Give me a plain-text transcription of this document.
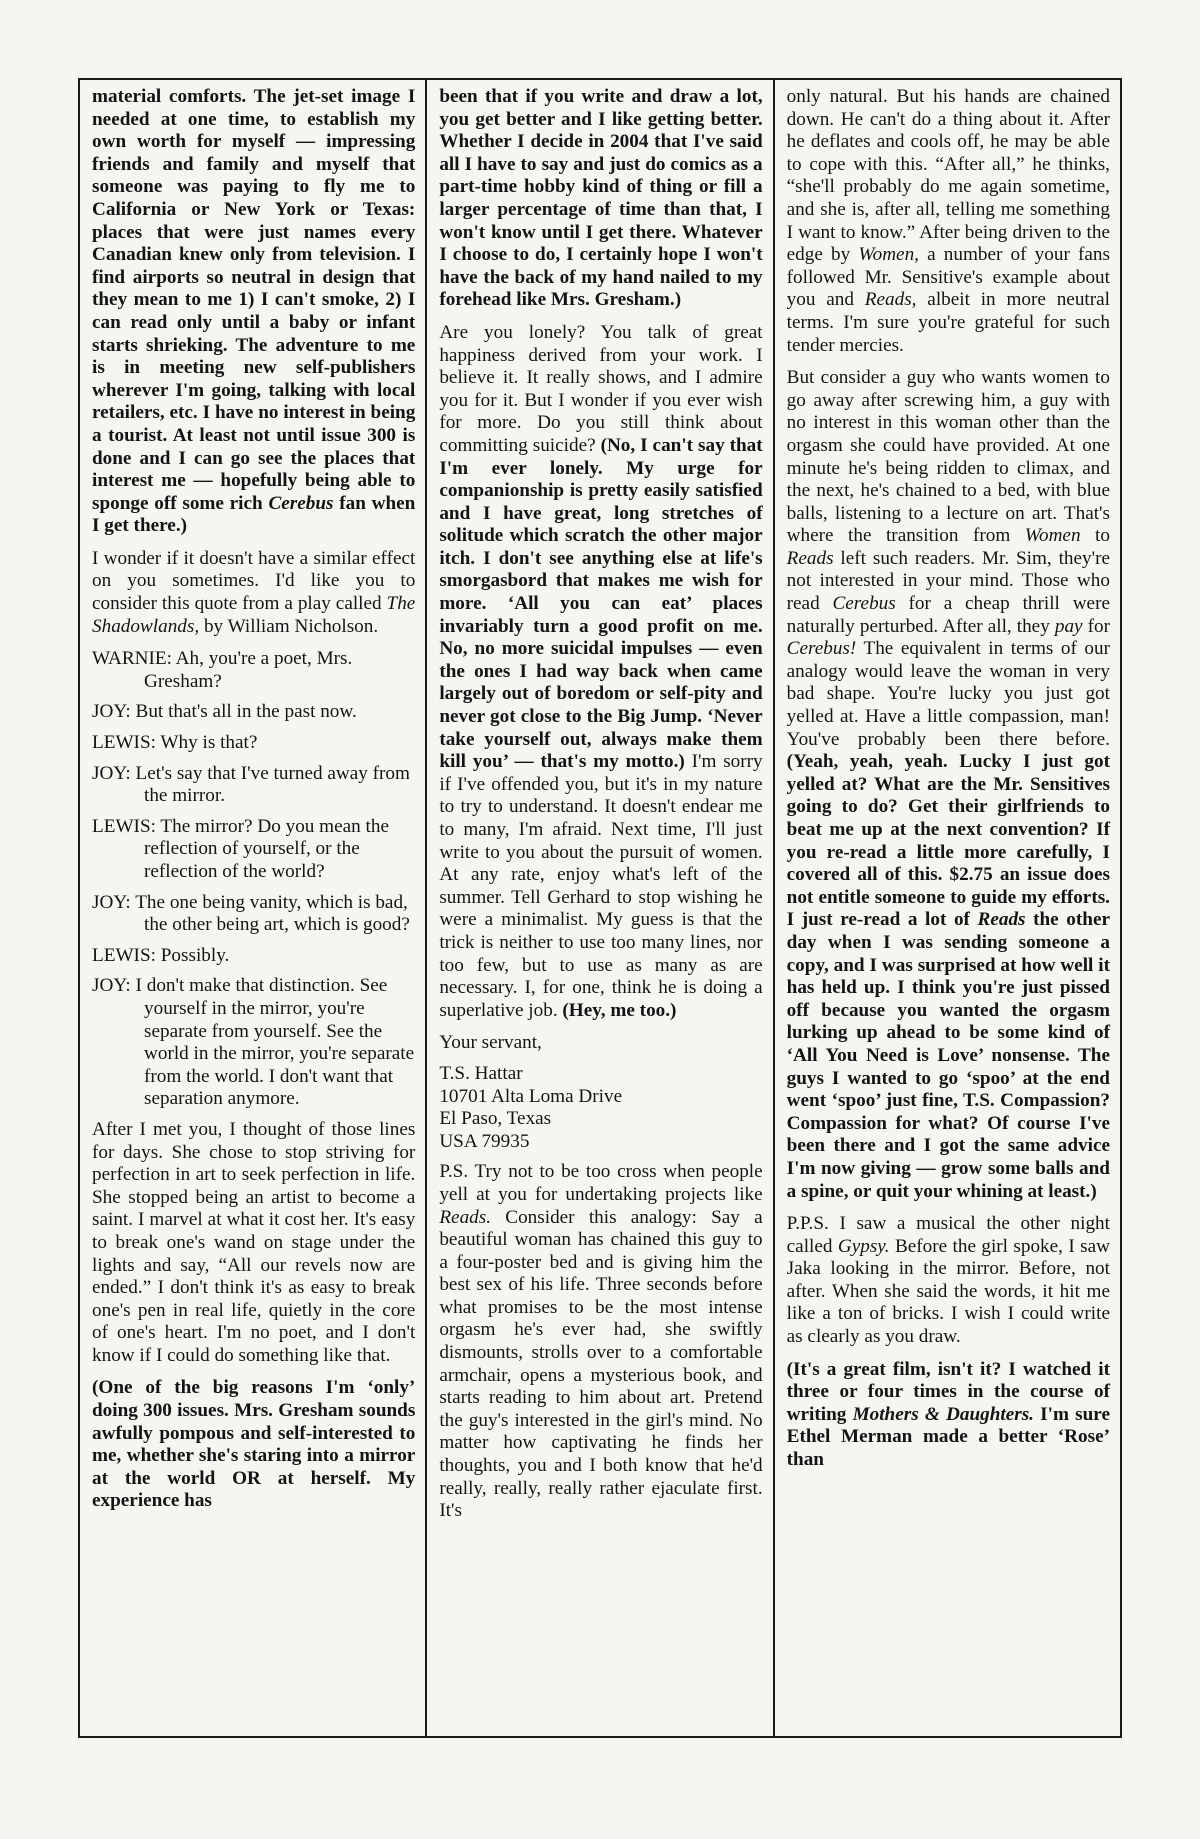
material comforts. The jet-set image I needed at one time, to establish my own worth for myself — impressing friends and family and myself that someone was paying to fly me to California or New York or Texas: places that were just names every Canadian knew only from television. I find airports so neutral in design that they mean to me 1) I can't smoke, 2) I can read only until a baby or infant starts shrieking. The adventure to me is in meeting new self-publishers wherever I'm going, talking with local retailers, etc. I have no interest in being a tourist. At least not until issue 300 is done and I can go see the places that interest me — hopefully being able to sponge off some rich Cerebus fan when I get there.)

I wonder if it doesn't have a similar effect on you sometimes. I'd like you to consider this quote from a play called The Shadowlands, by William Nicholson.

WARNIE: Ah, you're a poet, Mrs. Gresham?
JOY: But that's all in the past now.
LEWIS: Why is that?
JOY: Let's say that I've turned away from the mirror.
LEWIS: The mirror? Do you mean the reflection of yourself, or the reflection of the world?
JOY: The one being vanity, which is bad, the other being art, which is good?
LEWIS: Possibly.
JOY: I don't make that distinction. See yourself in the mirror, you're separate from yourself. See the world in the mirror, you're separate from the world. I don't want that separation anymore.

After I met you, I thought of those lines for days. She chose to stop striving for perfection in art to seek perfection in life. She stopped being an artist to become a saint. I marvel at what it cost her. It's easy to break one's wand on stage under the lights and say, “All our revels now are ended.” I don't think it's as easy to break one's pen in real life, quietly in the core of one's heart. I'm no poet, and I don't know if I could do something like that.

(One of the big reasons I'm ‘only’ doing 300 issues. Mrs. Gresham sounds awfully pompous and self-interested to me, whether she's staring into a mirror at the world OR at herself. My experience has

been that if you write and draw a lot, you get better and I like getting better. Whether I decide in 2004 that I've said all I have to say and just do comics as a part-time hobby kind of thing or fill a larger percentage of time than that, I won't know until I get there. Whatever I choose to do, I certainly hope I won't have the back of my hand nailed to my forehead like Mrs. Gresham.)

Are you lonely? You talk of great happiness derived from your work. I believe it. It really shows, and I admire you for it. But I wonder if you ever wish for more. Do you still think about committing suicide? (No, I can't say that I'm ever lonely. My urge for companionship is pretty easily satisfied and I have great, long stretches of solitude which scratch the other major itch. I don't see anything else at life's smorgasbord that makes me wish for more. ‘All you can eat’ places invariably turn a good profit on me. No, no more suicidal impulses — even the ones I had way back when came largely out of boredom or self-pity and never got close to the Big Jump. ‘Never take yourself out, always make them kill you’ — that's my motto.) I'm sorry if I've offended you, but it's in my nature to try to understand. It doesn't endear me to many, I'm afraid. Next time, I'll just write to you about the pursuit of women. At any rate, enjoy what's left of the summer. Tell Gerhard to stop wishing he were a minimalist. My guess is that the trick is neither to use too many lines, nor too few, but to use as many as are necessary. I, for one, think he is doing a superlative job. (Hey, me too.)

Your servant,
T.S. Hattar
10701 Alta Loma Drive
El Paso, Texas
USA 79935

P.S. Try not to be too cross when people yell at you for undertaking projects like Reads. Consider this analogy: Say a beautiful woman has chained this guy to a four-poster bed and is giving him the best sex of his life. Three seconds before what promises to be the most intense orgasm he's ever had, she swiftly dismounts, strolls over to a comfortable armchair, opens a mysterious book, and starts reading to him about art. Pretend the guy's interested in the girl's mind. No matter how captivating he finds her thoughts, you and I both know that he'd really, really, really rather ejaculate first. It's

only natural. But his hands are chained down. He can't do a thing about it. After he deflates and cools off, he may be able to cope with this. “After all,” he thinks, “she'll probably do me again sometime, and she is, after all, telling me something I want to know.” After being driven to the edge by Women, a number of your fans followed Mr. Sensitive's example about you and Reads, albeit in more neutral terms. I'm sure you're grateful for such tender mercies.

But consider a guy who wants women to go away after screwing him, a guy with no interest in this woman other than the orgasm she could have provided. At one minute he's being ridden to climax, and the next, he's chained to a bed, with blue balls, listening to a lecture on art. That's where the transition from Women to Reads left such readers. Mr. Sim, they're not interested in your mind. Those who read Cerebus for a cheap thrill were naturally perturbed. After all, they pay for Cerebus! The equivalent in terms of our analogy would leave the woman in very bad shape. You're lucky you just got yelled at. Have a little compassion, man! You've probably been there before. (Yeah, yeah, yeah. Lucky I just got yelled at? What are the Mr. Sensitives going to do? Get their girlfriends to beat me up at the next convention? If you re-read a little more carefully, I covered all of this. $2.75 an issue does not entitle someone to guide my efforts. I just re-read a lot of Reads the other day when I was sending someone a copy, and I was surprised at how well it has held up. I think you're just pissed off because you wanted the orgasm lurking up ahead to be some kind of ‘All You Need is Love’ nonsense. The guys I wanted to go ‘spoo’ at the end went ‘spoo’ just fine, T.S. Compassion? Compassion for what? Of course I've been there and I got the same advice I'm now giving — grow some balls and a spine, or quit your whining at least.)

P.P.S. I saw a musical the other night called Gypsy. Before the girl spoke, I saw Jaka looking in the mirror. Before, not after. When she said the words, it hit me like a ton of bricks. I wish I could write as clearly as you draw.

(It's a great film, isn't it? I watched it three or four times in the course of writing Mothers & Daughters. I'm sure Ethel Merman made a better ‘Rose’ than
